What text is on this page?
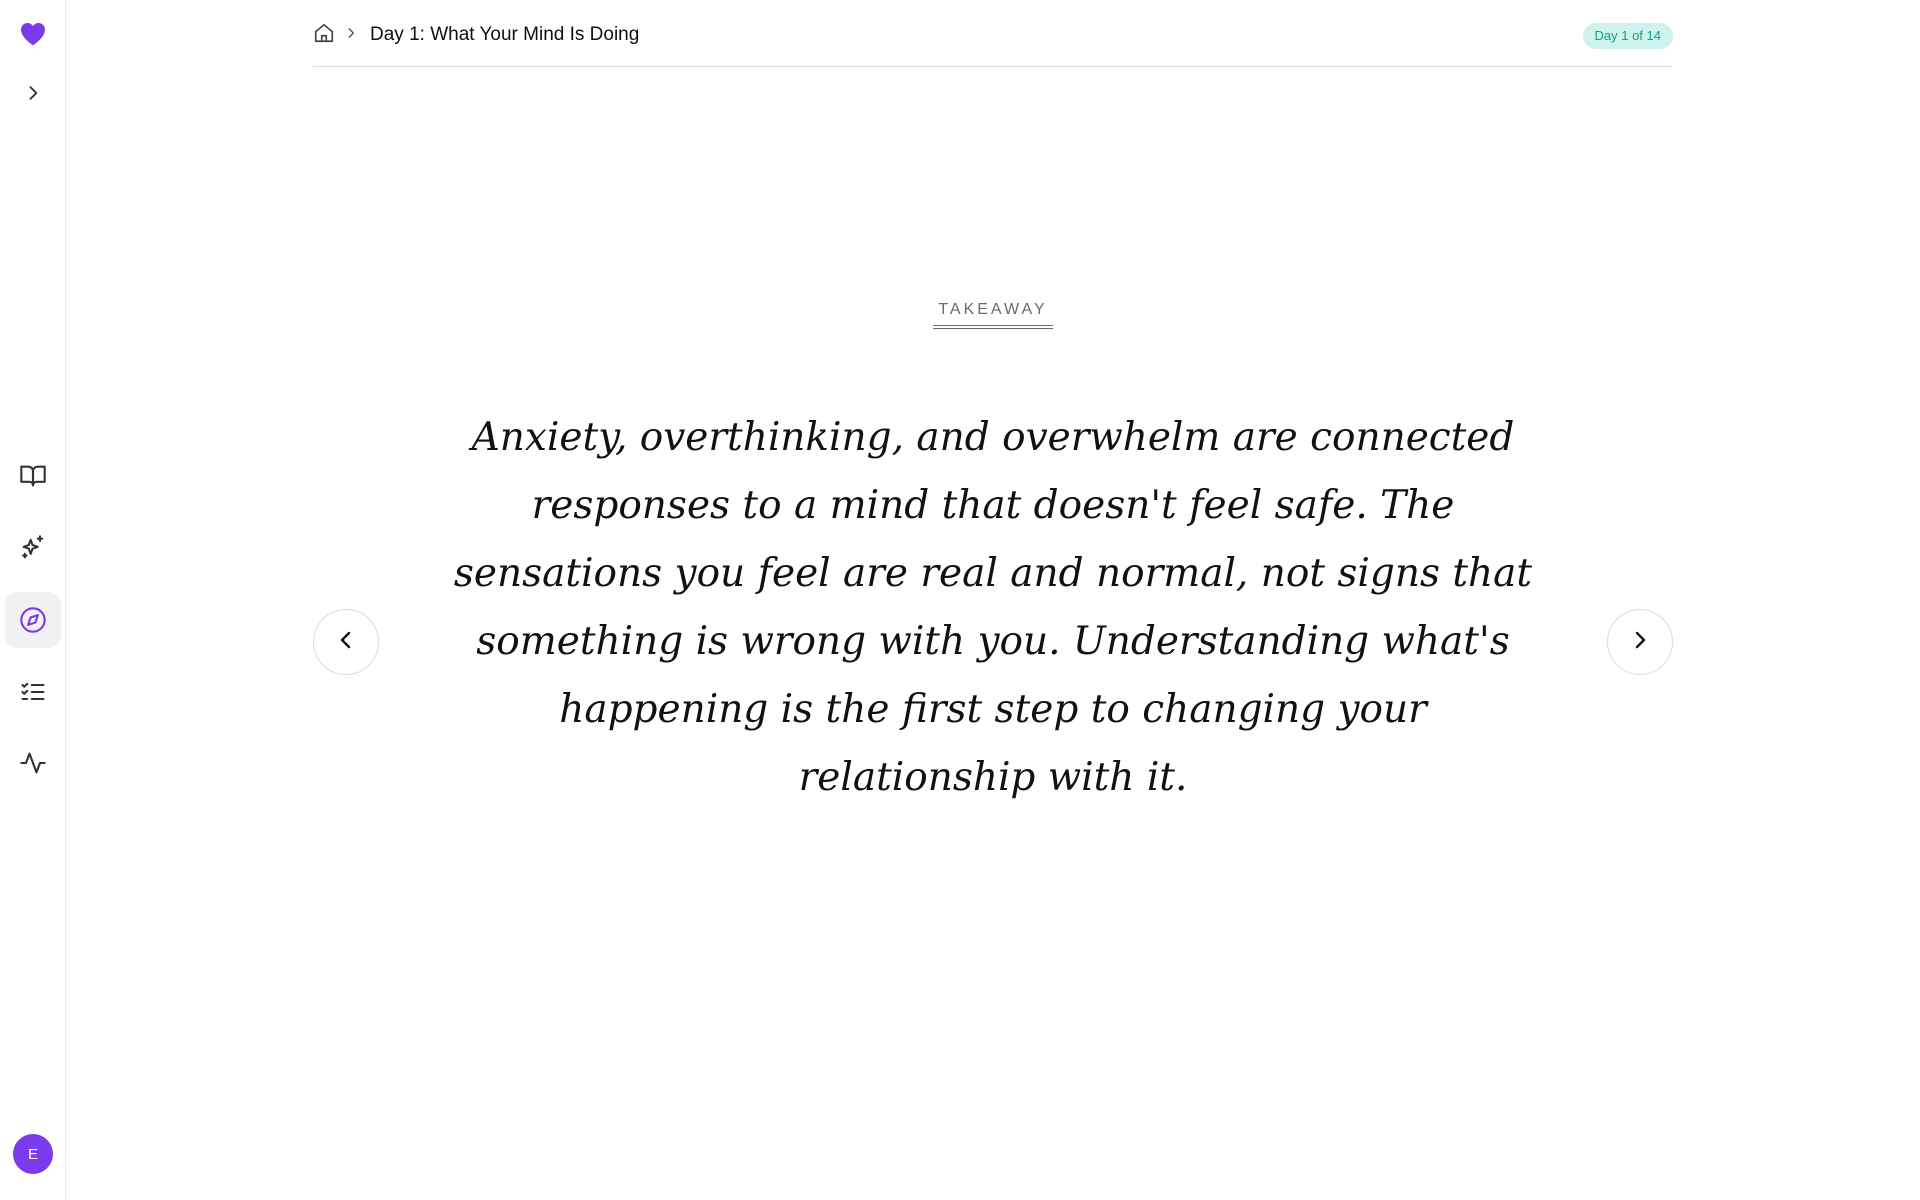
E
Day 1: What Your Mind Is Doing	Day 1 of 14
TAKEAWAY

Anxiety, overthinking, and overwhelm are connected responses to a mind that doesn't feel safe. The sensations you feel are real and normal, not signs that something is wrong with you. Understanding what's happening is the first step to changing your relationship with it.
